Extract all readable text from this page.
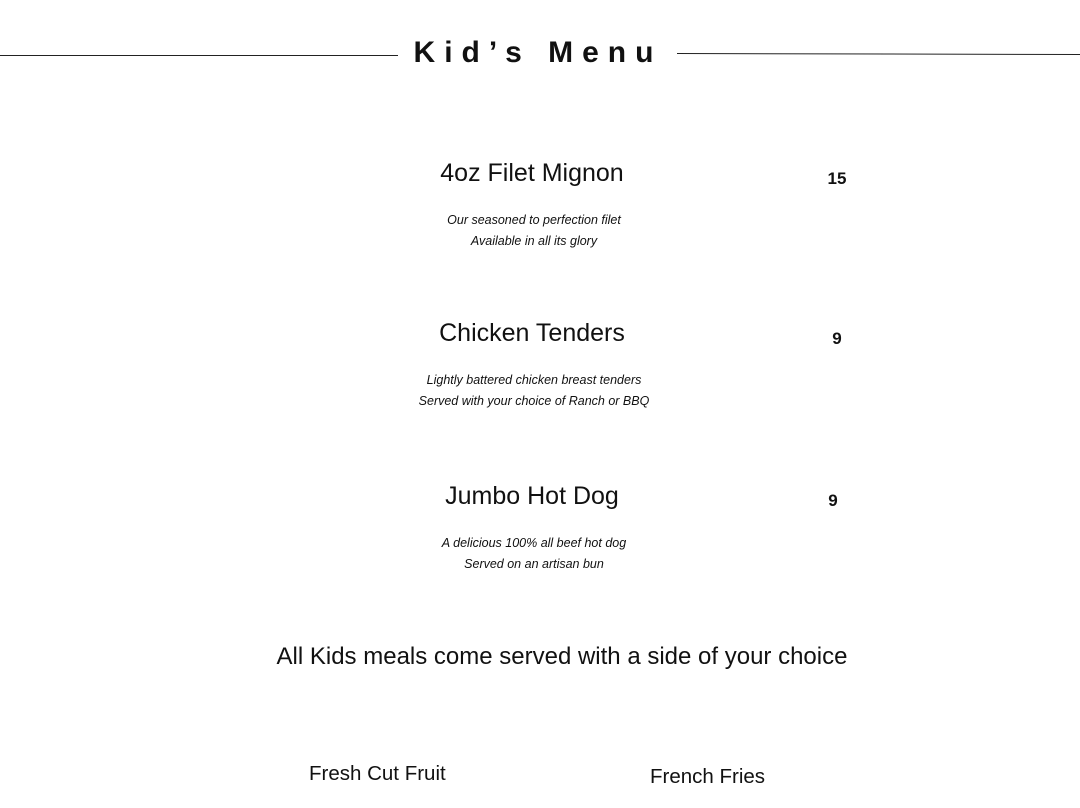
Kid’s Menu
4oz Filet Mignon	15
Our seasoned to perfection filet
Available in all its glory
Chicken Tenders	9
Lightly battered chicken breast tenders
Served with your choice of Ranch or BBQ
Jumbo Hot Dog	9
A delicious 100% all beef hot dog
Served on an artisan bun
All Kids meals come served with a side of your choice
Fresh Cut Fruit	French Fries
